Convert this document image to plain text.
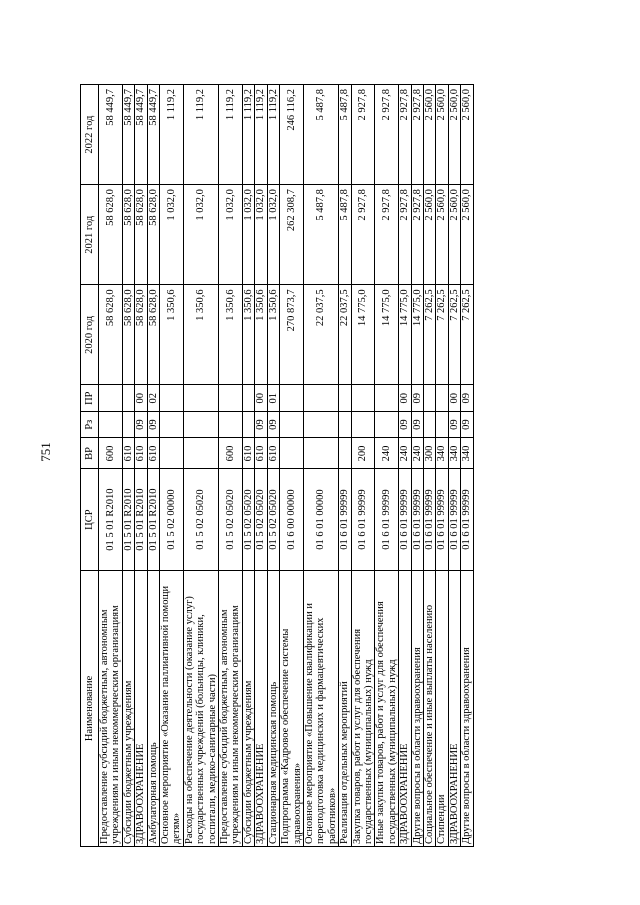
751
Наименование	ЦСР	ВР	Рз	ПР	2020 год	2021 год	2022 год
Предоставление субсидий бюджетным, автономным учреждениям и иным некоммерческим организациям	01 5 01 R2010	600			58 628,0	58 628,0	58 449,7
Субсидии бюджетным учреждениям	01 5 01 R2010	610			58 628,0	58 628,0	58 449,7
ЗДРАВООХРАНЕНИЕ	01 5 01 R2010	610	09	00	58 628,0	58 628,0	58 449,7
Амбулаторная помощь	01 5 01 R2010	610	09	02	58 628,0	58 628,0	58 449,7
Основное мероприятие «Оказание паллиативной помощи детям»	01 5 02 00000				1 350,6	1 032,0	1 119,2
Расходы на обеспечение деятельности (оказание услуг) государственных учреждений (больницы, клиники, госпитали, медико-санитарные части)	01 5 02 05020				1 350,6	1 032,0	1 119,2
Предоставление субсидий бюджетным, автономным учреждениям и иным некоммерческим организациям	01 5 02 05020	600			1 350,6	1 032,0	1 119,2
Субсидии бюджетным учреждениям	01 5 02 05020	610			1 350,6	1 032,0	1 119,2
ЗДРАВООХРАНЕНИЕ	01 5 02 05020	610	09	00	1 350,6	1 032,0	1 119,2
Стационарная медицинская помощь	01 5 02 05020	610	09	01	1 350,6	1 032,0	1 119,2
Подпрограмма «Кадровое обеспечение системы здравоохранения»	01 6 00 00000				270 873,7	262 308,7	246 116,2
Основное мероприятие «Повышение квалификации и переподготовка медицинских и фармацевтических работников»	01 6 01 00000				22 037,5	5 487,8	5 487,8
Реализация отдельных мероприятий	01 6 01 99999				22 037,5	5 487,8	5 487,8
Закупка товаров, работ и услуг для обеспечения государственных (муниципальных) нужд	01 6 01 99999	200			14 775,0	2 927,8	2 927,8
Иные закупки товаров, работ и услуг для обеспечения государственных (муниципальных) нужд	01 6 01 99999	240			14 775,0	2 927,8	2 927,8
ЗДРАВООХРАНЕНИЕ	01 6 01 99999	240	09	00	14 775,0	2 927,8	2 927,8
Другие вопросы в области здравоохранения	01 6 01 99999	240	09	09	14 775,0	2 927,8	2 927,8
Социальное обеспечение и иные выплаты населению	01 6 01 99999	300			7 262,5	2 560,0	2 560,0
Стипендии	01 6 01 99999	340			7 262,5	2 560,0	2 560,0
ЗДРАВООХРАНЕНИЕ	01 6 01 99999	340	09	00	7 262,5	2 560,0	2 560,0
Другие вопросы в области здравоохранения	01 6 01 99999	340	09	09	7 262,5	2 560,0	2 560,0
